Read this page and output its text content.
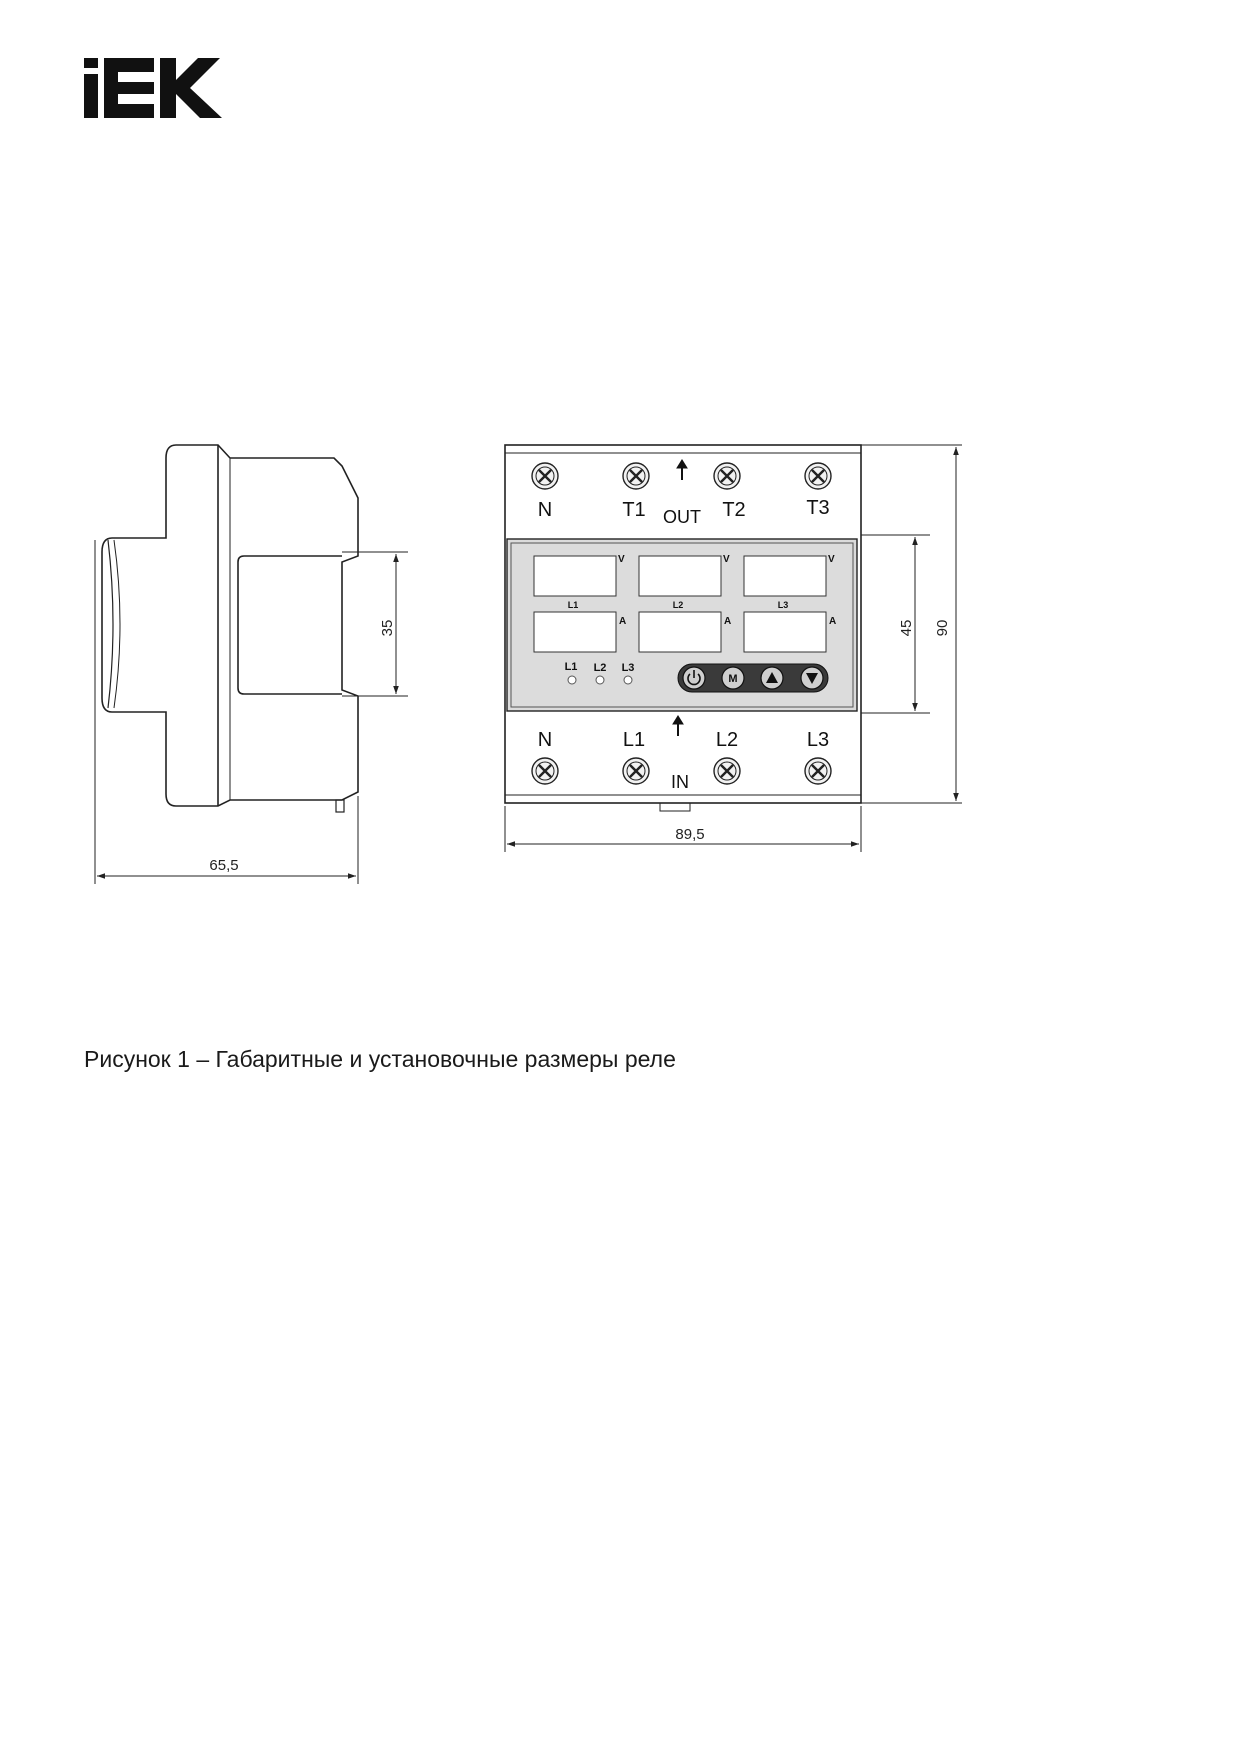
35
65,5
N	T1	T2	T3
OUT
V	V	V
A	A	A
L1	L2	L3
L1 L2 L3
M
N	L1	L2	L3
IN
89,5
45 90
Рисунок 1 – Габаритные и установочные размеры реле
